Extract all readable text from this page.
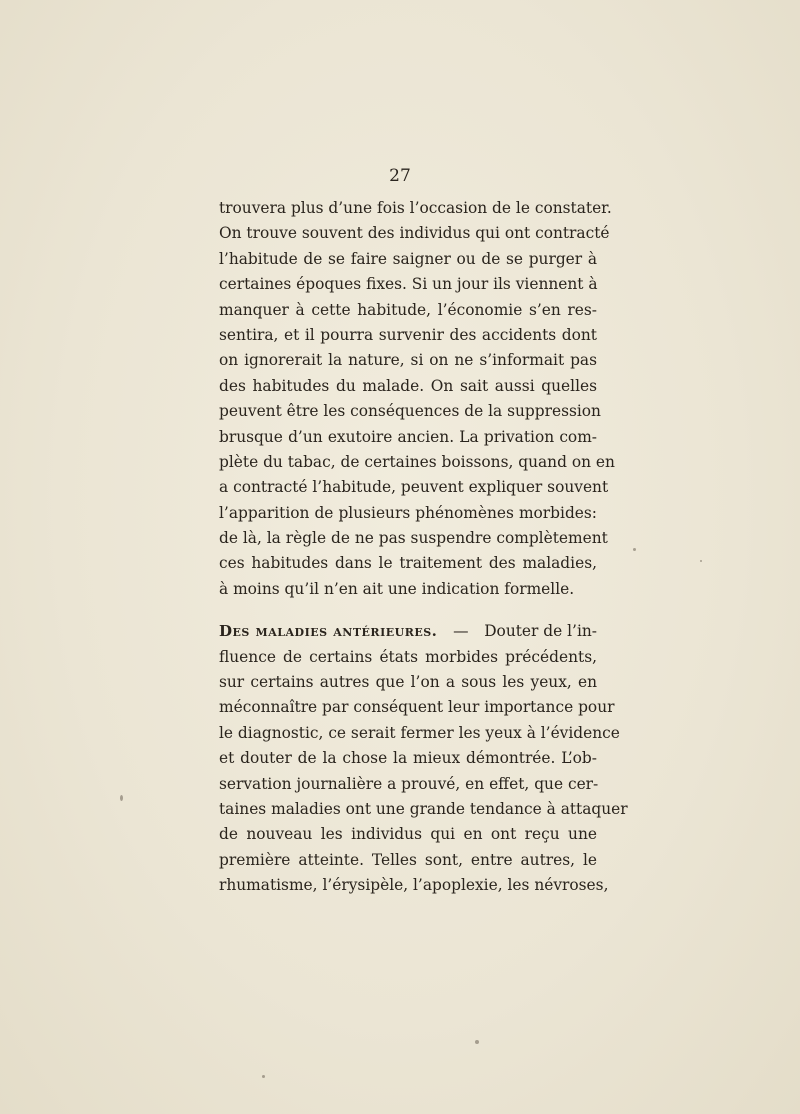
27
trouvera plus d’une fois l’occasion de le constater.
On trouve souvent des individus qui ont contracté
l’habitude de se faire saigner ou de se purger à
certaines époques fixes. Si un jour ils viennent à
manquer à cette habitude, l’économie s’en res-
sentira, et il pourra survenir des accidents dont
on ignorerait la nature, si on ne s’informait pas
des habitudes du malade. On sait aussi quelles
peuvent être les conséquences de la suppression
brusque d’un exutoire ancien. La privation com-
plète du tabac, de certaines boissons, quand on en
a contracté l’habitude, peuvent expliquer souvent
l’apparition de plusieurs phénomènes morbides:
de là, la règle de ne pas suspendre complètement
ces habitudes dans le traitement des maladies,
à moins qu’il n’en ait une indication formelle.
Des maladies antérieures. — Douter de l’in-
fluence de certains états morbides précédents,
sur certains autres que l’on a sous les yeux, en
méconnaître par conséquent leur importance pour
le diagnostic, ce serait fermer les yeux à l’évidence
et douter de la chose la mieux démontrée. L’ob-
servation journalière a prouvé, en effet, que cer-
taines maladies ont une grande tendance à attaquer
de nouveau les individus qui en ont reçu une
première atteinte. Telles sont, entre autres, le
rhumatisme, l’érysipèle, l’apoplexie, les névroses,
